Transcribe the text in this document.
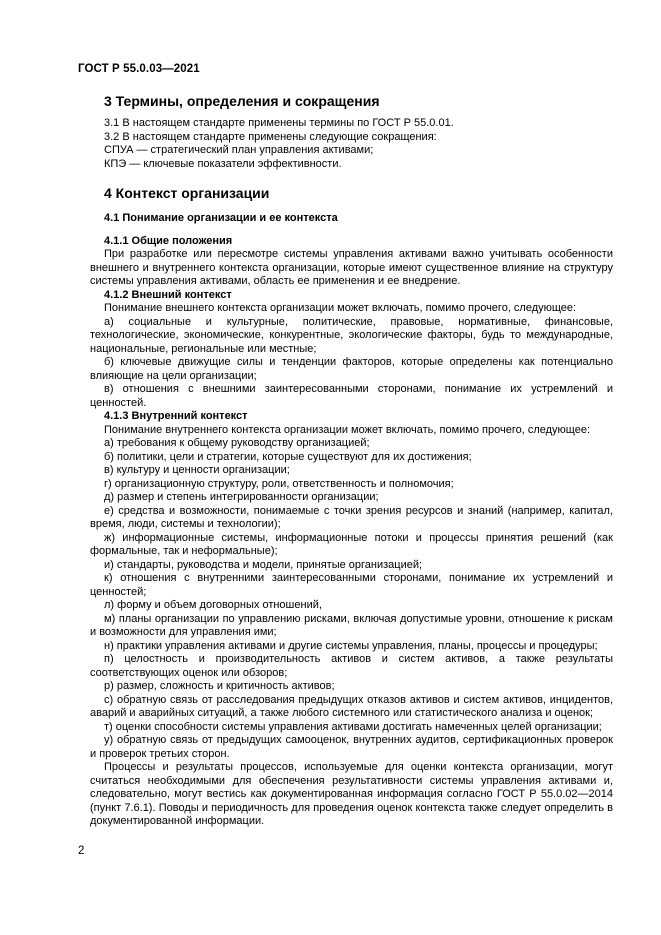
ГОСТ Р 55.0.03—2021
3 Термины, определения и сокращения

3.1 В настоящем стандарте применены термины по ГОСТ Р 55.0.01.

3.2 В настоящем стандарте применены следующие сокращения:

СПУА — стратегический план управления активами;

КПЭ — ключевые показатели эффективности.

4 Контекст организации
4.1 Понимание организации и ее контекста
4.1.1 Общие положения

При разработке или пересмотре системы управления активами важно учитывать особенности внешнего и внутреннего контекста организации, которые имеют существенное влияние на структуру системы управления активами, область ее применения и ее внедрение.

4.1.2 Внешний контекст

Понимание внешнего контекста организации может включать, помимо прочего, следующее:

а) социальные и культурные, политические, правовые, нормативные, финансовые, технологические, экономические, конкурентные, экологические факторы, будь то международные, национальные, региональные или местные;

б) ключевые движущие силы и тенденции факторов, которые определены как потенциально влияющие на цели организации;

в) отношения с внешними заинтересованными сторонами, понимание их устремлений и ценностей.

4.1.3 Внутренний контекст

Понимание внутреннего контекста организации может включать, помимо прочего, следующее:

а) требования к общему руководству организацией;

б) политики, цели и стратегии, которые существуют для их достижения;

в) культуру и ценности организации;

г) организационную структуру, роли, ответственность и полномочия;

д) размер и степень интегрированности организации;

е) средства и возможности, понимаемые с точки зрения ресурсов и знаний (например, капитал, время, люди, системы и технологии);

ж) информационные системы, информационные потоки и процессы принятия решений (как формальные, так и неформальные);

и) стандарты, руководства и модели, принятые организацией;

к) отношения с внутренними заинтересованными сторонами, понимание их устремлений и ценностей;

л) форму и объем договорных отношений,

м) планы организации по управлению рисками, включая допустимые уровни, отношение к рискам и возможности для управления ими;

н) практики управления активами и другие системы управления, планы, процессы и процедуры;

п) целостность и производительность активов и систем активов, а также результаты соответствующих оценок или обзоров;

р) размер, сложность и критичность активов;

с) обратную связь от расследования предыдущих отказов активов и систем активов, инцидентов, аварий и аварийных ситуаций, а также любого системного или статистического анализа и оценок;

т) оценки способности системы управления активами достигать намеченных целей организации;

у) обратную связь от предыдущих самооценок, внутренних аудитов, сертификационных проверок и проверок третьих сторон.

Процессы и результаты процессов, используемые для оценки контекста организации, могут считаться необходимыми для обеспечения результативности системы управления активами и, следовательно, могут вестись как документированная информация согласно ГОСТ Р 55.0.02—2014 (пункт 7.6.1). Поводы и периодичность для проведения оценок контекста также следует определить в документированной информации.

2
